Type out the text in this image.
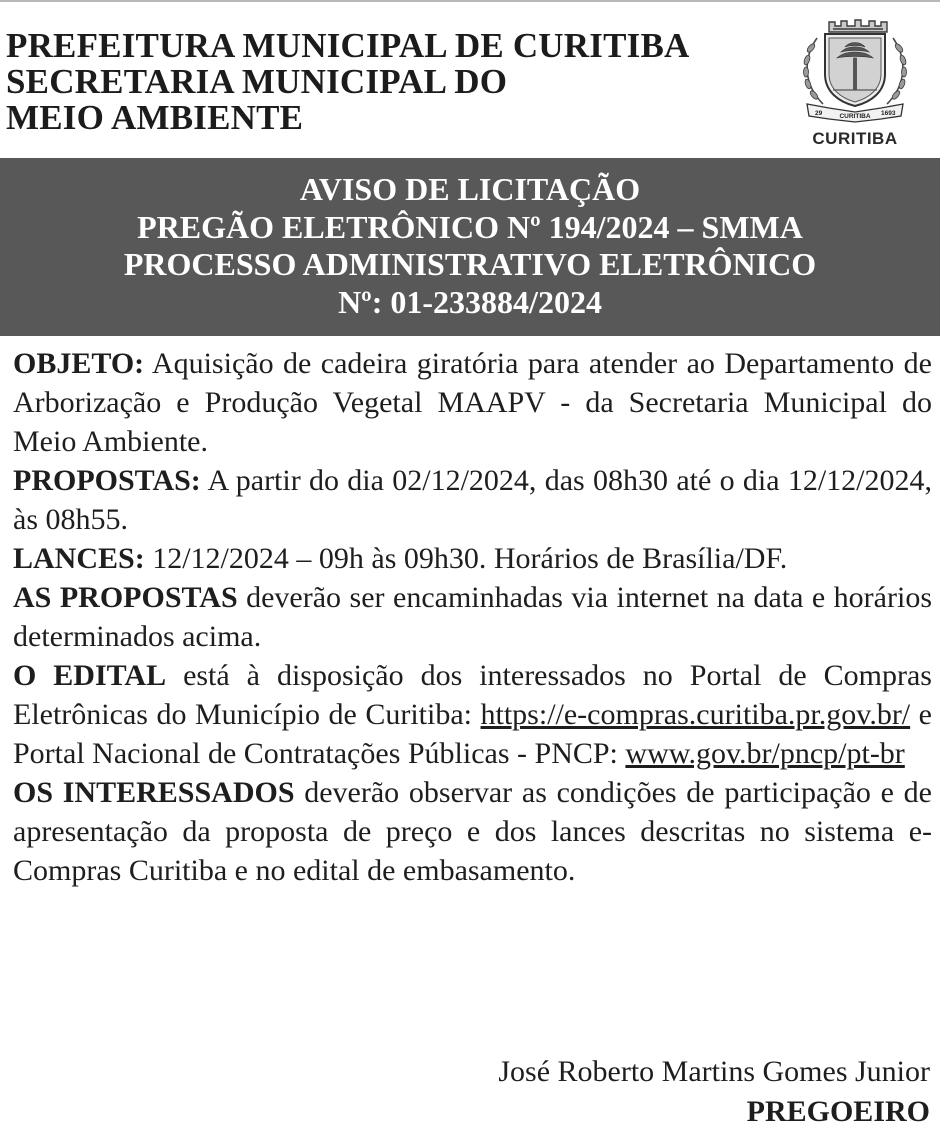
PREFEITURA MUNICIPAL DE CURITIBA
SECRETARIA MUNICIPAL DO
MEIO AMBIENTE	29	CURITIBA 1693
CURITIBA
AVISO DE LICITAÇÃO
PREGÃO ELETRÔNICO Nº 194/2024 – SMMA
PROCESSO ADMINISTRATIVO ELETRÔNICO
Nº: 01-233884/2024

OBJETO: Aquisição de cadeira giratória para atender ao Departamento de Arborização e Produção Vegetal MAAPV - da Secretaria Municipal do Meio Ambiente.

PROPOSTAS: A partir do dia 02/12/2024, das 08h30 até o dia 12/12/2024, às 08h55.

LANCES: 12/12/2024 – 09h às 09h30. Horários de Brasília/DF.

AS PROPOSTAS deverão ser encaminhadas via internet na data e horários determinados acima.

O EDITAL está à disposição dos interessados no Portal de Compras Eletrônicas do Município de Curitiba: https://e-compras.curitiba.pr.gov.br/ e Portal Nacional de Contratações Públicas - PNCP: www.gov.br/pncp/pt-br

OS INTERESSADOS deverão observar as condições de participação e de apresentação da proposta de preço e dos lances descritas no sistema e-Compras Curitiba e no edital de embasamento.

José Roberto Martins Gomes Junior
PREGOEIRO
